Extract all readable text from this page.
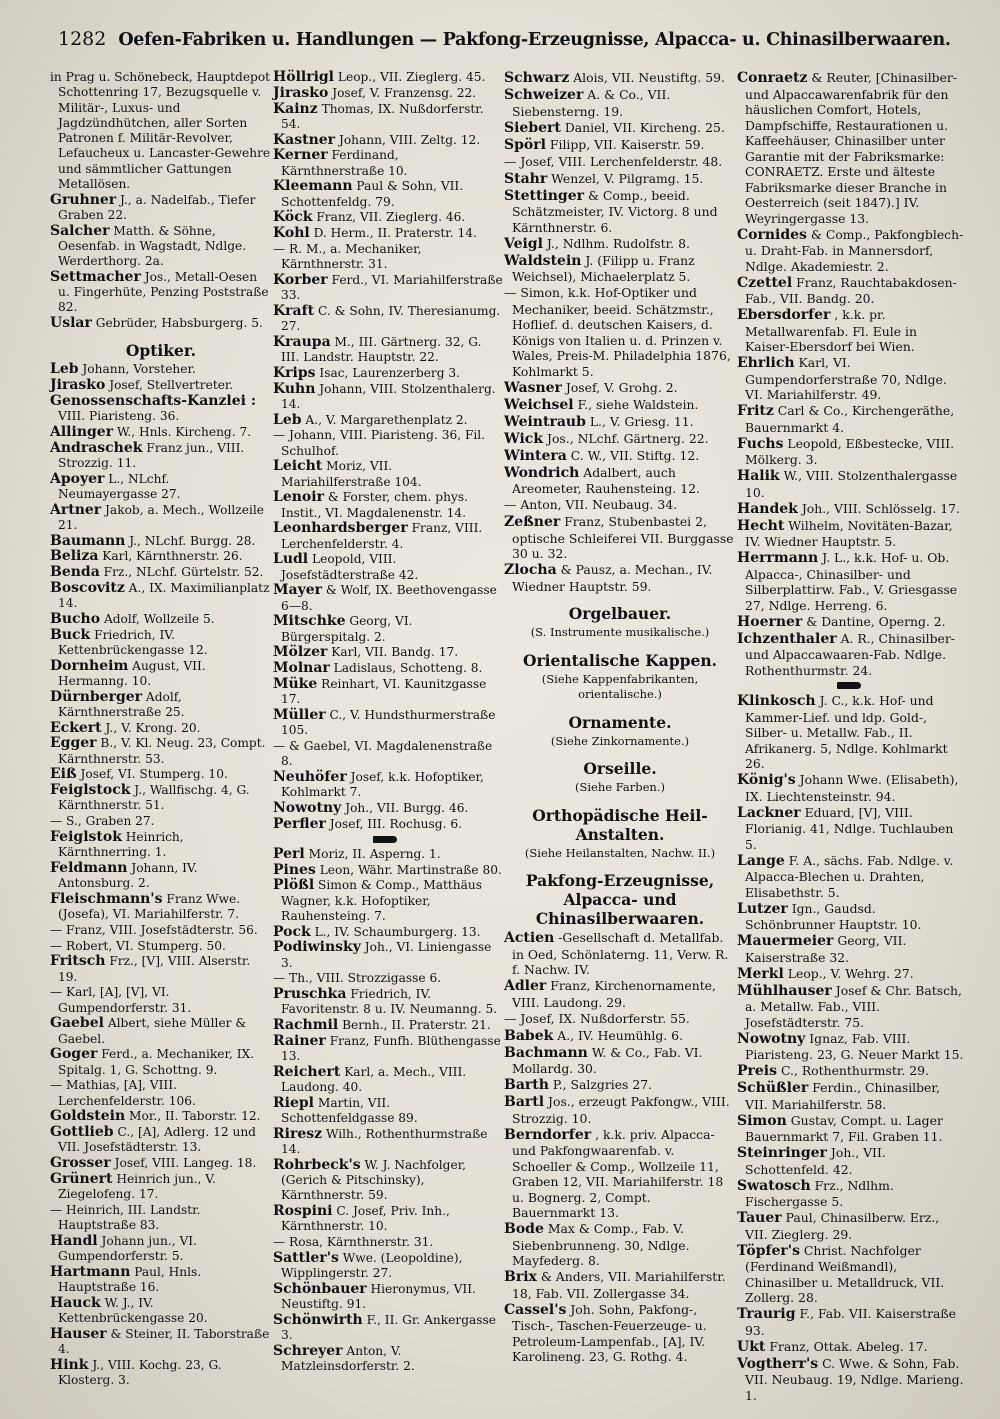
1282 Oefen-Fabriken u. Handlungen — Pakfong-Erzeugnisse, Alpacca- u. Chinasilberwaaren.
in Prag u. Schönebeck, Hauptdepot Schottenring 17, Bezugsquelle v. Militär-, Luxus- und Jagdzündhütchen, aller Sorten Patronen f. Militär-Revolver, Lefaucheux u. Lancaster-Gewehre und sämmtlicher Gattungen Metallösen.
Gruhner J., a. Nadelfab., Tiefer Graben 22.
Salcher Matth. & Söhne, Oesenfab. in Wagstadt, Ndlge. Werderthorg. 2a.
Settmacher Jos., Metall-Oesen u. Fingerhüte, Penzing Poststraße 82.
Uslar Gebrüder, Habsburgerg. 5.
Optiker.
Leb Johann, Vorsteher.
Jirasko Josef, Stellvertreter.
Genossenschafts-Kanzlei : VIII. Piaristeng. 36.
Allinger W., Hnls. Kircheng. 7.
Andraschek Franz jun., VIII. Strozzig. 11.
Apoyer L., NLchf. Neumayergasse 27.
Artner Jakob, a. Mech., Wollzeile 21.
Baumann J., NLchf. Burgg. 28.
Beliza Karl, Kärnthnerstr. 26.
Benda Frz., NLchf. Gürtelstr. 52.
Boscovitz A., IX. Maximilianplatz 14.
Bucho Adolf, Wollzeile 5.
Buck Friedrich, IV. Kettenbrückengasse 12.
Dornheim August, VII. Hermanng. 10.
Dürnberger Adolf, Kärnthnerstraße 25.
Eckert J., V. Krong. 20.
Egger B., V. Kl. Neug. 23, Compt. Kärnthnerstr. 53.
Eiß Josef, VI. Stumperg. 10.
Feiglstock J., Wallfischg. 4, G. Kärnthnerstr. 51.
— S., Graben 27.
Feiglstok Heinrich, Kärnthnerring. 1.
Feldmann Johann, IV. Antonsburg. 2.
Fleischmann's Franz Wwe. (Josefa), VI. Mariahilferstr. 7.
— Franz, VIII. Josefstädterstr. 56.
— Robert, VI. Stumperg. 50.
Fritsch Frz., [V], VIII. Alserstr. 19.
— Karl, [A], [V], VI. Gumpendorferstr. 31.
Gaebel Albert, siehe Müller & Gaebel.
Goger Ferd., a. Mechaniker, IX. Spitalg. 1, G. Schottng. 9.
— Mathias, [A], VIII. Lerchenfelderstr. 106.
Goldstein Mor., II. Taborstr. 12.
Gottlieb C., [A], Adlerg. 12 und VII. Josefstädterstr. 13.
Grosser Josef, VIII. Langeg. 18.
Grünert Heinrich jun., V. Ziegelofeng. 17.
— Heinrich, III. Landstr. Hauptstraße 83.
Handl Johann jun., VI. Gumpendorferstr. 5.
Hartmann Paul, Hnls. Hauptstraße 16.
Hauck W. J., IV. Kettenbrückengasse 20.
Hauser & Steiner, II. Taborstraße 4.
Hink J., VIII. Kochg. 23, G. Klosterg. 3.
Höllrigl Leop., VII. Zieglerg. 45.
Jirasko Josef, V. Franzensg. 22.
Kainz Thomas, IX. Nußdorferstr. 54.
Kastner Johann, VIII. Zeltg. 12.
Kerner Ferdinand, Kärnthnerstraße 10.
Kleemann Paul & Sohn, VII. Schottenfeldg. 79.
Köck Franz, VII. Zieglerg. 46.
Kohl D. Herm., II. Praterstr. 14.
— R. M., a. Mechaniker, Kärnthnerstr. 31.
Korber Ferd., VI. Mariahilferstraße 33.
Kraft C. & Sohn, IV. Theresianumg. 27.
Kraupa M., III. Gärtnerg. 32, G. III. Landstr. Hauptstr. 22.
Krips Isac, Laurenzerberg 3.
Kuhn Johann, VIII. Stolzenthalerg. 14.
Leb A., V. Margarethenplatz 2.
— Johann, VIII. Piaristeng. 36, Fil. Schulhof.
Leicht Moriz, VII. Mariahilferstraße 104.
Lenoir & Forster, chem. phys. Instit., VI. Magdalenenstr. 14.
Leonhardsberger Franz, VIII. Lerchenfelderstr. 4.
Ludl Leopold, VIII. Josefstädterstraße 42.
Mayer & Wolf, IX. Beethovengasse 6—8.
Mitschke Georg, VI. Bürgerspitalg. 2.
Mölzer Karl, VII. Bandg. 17.
Molnar Ladislaus, Schotteng. 8.
Müke Reinhart, VI. Kaunitzgasse 17.
Müller C., V. Hundsthurmerstraße 105.
— & Gaebel, VI. Magdalenenstraße 8.
Neuhöfer Josef, k.k. Hofoptiker, Kohlmarkt 7.
Nowotny Joh., VII. Burgg. 46.
Perfler Josef, III. Rochusg. 6.
Perl Moriz, II. Asperng. 1.
Pines Leon, Währ. Martinstraße 80.
Plößl Simon & Comp., Matthäus Wagner, k.k. Hofoptiker, Rauhensteing. 7.
Pock L., IV. Schaumburgerg. 13.
Podiwinsky Joh., VI. Liniengasse 3.
— Th., VIII. Strozzigasse 6.
Pruschka Friedrich, IV. Favoritenstr. 8 u. IV. Neumanng. 5.
Rachmil Bernh., II. Praterstr. 21.
Rainer Franz, Funfh. Blüthengasse 13.
Reichert Karl, a. Mech., VIII. Laudong. 40.
Riepl Martin, VII. Schottenfeldgasse 89.
Riresz Wilh., Rothenthurmstraße 14.
Rohrbeck's W. J. Nachfolger, (Gerich & Pitschinsky), Kärnthnerstr. 59.
Rospini C. Josef, Priv. Inh., Kärnthnerstr. 10.
— Rosa, Kärnthnerstr. 31.
Sattler's Wwe. (Leopoldine), Wipplingerstr. 27.
Schönbauer Hieronymus, VII. Neustiftg. 91.
Schönwirth F., II. Gr. Ankergasse 3.
Schreyer Anton, V. Matzleinsdorferstr. 2.
Schwarz Alois, VII. Neustiftg. 59.
Schweizer A. & Co., VII. Siebensterng. 19.
Siebert Daniel, VII. Kircheng. 25.
Spörl Filipp, VII. Kaiserstr. 59.
— Josef, VIII. Lerchenfelderstr. 48.
Stahr Wenzel, V. Pilgramg. 15.
Stettinger & Comp., beeid. Schätzmeister, IV. Victorg. 8 und Kärnthnerstr. 6.
Veigl J., Ndlhm. Rudolfstr. 8.
Waldstein J. (Filipp u. Franz Weichsel), Michaelerplatz 5.
— Simon, k.k. Hof-Optiker und Mechaniker, beeid. Schätzmstr., Hoflief. d. deutschen Kaisers, d. Königs von Italien u. d. Prinzen v. Wales, Preis-M. Philadelphia 1876, Kohlmarkt 5.
Wasner Josef, V. Grohg. 2.
Weichsel F., siehe Waldstein.
Weintraub L., V. Griesg. 11.
Wick Jos., NLchf. Gärtnerg. 22.
Wintera C. W., VII. Stiftg. 12.
Wondrich Adalbert, auch Areometer, Rauhensteing. 12.
— Anton, VII. Neubaug. 34.
Zeßner Franz, Stubenbastei 2, optische Schleiferei VII. Burggasse 30 u. 32.
Zlocha & Pausz, a. Mechan., IV. Wiedner Hauptstr. 59.
Orgelbauer.
(S. Instrumente musikalische.)
Orientalische Kappen.
(Siehe Kappenfabrikanten, orientalische.)
Ornamente.
(Siehe Zinkornamente.)
Orseille.
(Siehe Farben.)
Orthopädische Heil-Anstalten.
(Siehe Heilanstalten, Nachw. II.)
Pakfong-Erzeugnisse, Alpacca- und Chinasilberwaaren.
Actien -Gesellschaft d. Metallfab. in Oed, Schönlaterng. 11, Verw. R. f. Nachw. IV.
Adler Franz, Kirchenornamente, VIII. Laudong. 29.
— Josef, IX. Nußdorferstr. 55.
Babek A., IV. Heumühlg. 6.
Bachmann W. & Co., Fab. VI. Mollardg. 30.
Barth P., Salzgries 27.
Bartl Jos., erzeugt Pakfongw., VIII. Strozzig. 10.
Berndorfer , k.k. priv. Alpacca- und Pakfongwaarenfab. v. Schoeller & Comp., Wollzeile 11, Graben 12, VII. Mariahilferstr. 18 u. Bognerg. 2, Compt. Bauernmarkt 13.
Bode Max & Comp., Fab. V. Siebenbrunneng. 30, Ndlge. Mayfederg. 8.
Brix & Anders, VII. Mariahilferstr. 18, Fab. VII. Zollergasse 34.
Cassel's Joh. Sohn, Pakfong-, Tisch-, Taschen-Feuerzeuge- u. Petroleum-Lampenfab., [A], IV. Karolineng. 23, G. Rothg. 4.
Conraetz & Reuter, [Chinasilber- und Alpaccawarenfabrik für den häuslichen Comfort, Hotels, Dampfschiffe, Restaurationen u. Kaffeehäuser, Chinasilber unter Garantie mit der Fabriksmarke: CONRAETZ. Erste und älteste Fabriksmarke dieser Branche in Oesterreich (seit 1847).] IV. Weyringergasse 13.
Cornides & Comp., Pakfongblech- u. Draht-Fab. in Mannersdorf, Ndlge. Akademiestr. 2.
Czettel Franz, Rauchtabakdosen-Fab., VII. Bandg. 20.
Ebersdorfer , k.k. pr. Metallwarenfab. Fl. Eule in Kaiser-Ebersdorf bei Wien.
Ehrlich Karl, VI. Gumpendorferstraße 70, Ndlge. VI. Mariahilferstr. 49.
Fritz Carl & Co., Kirchengeräthe, Bauernmarkt 4.
Fuchs Leopold, Eßbestecke, VIII. Mölkerg. 3.
Halik W., VIII. Stolzenthalergasse 10.
Handek Joh., VIII. Schlösselg. 17.
Hecht Wilhelm, Novitäten-Bazar, IV. Wiedner Hauptstr. 5.
Herrmann J. L., k.k. Hof- u. Ob. Alpacca-, Chinasilber- und Silberplattirw. Fab., V. Griesgasse 27, Ndlge. Herreng. 6.
Hoerner & Dantine, Operng. 2.
Ichzenthaler A. R., Chinasilber- und Alpaccawaaren-Fab. Ndlge. Rothenthurmstr. 24.
Klinkosch J. C., k.k. Hof- und Kammer-Lief. und ldp. Gold-, Silber- u. Metallw. Fab., II. Afrikanerg. 5, Ndlge. Kohlmarkt 26.
König's Johann Wwe. (Elisabeth), IX. Liechtensteinstr. 94.
Lackner Eduard, [V], VIII. Florianig. 41, Ndlge. Tuchlauben 5.
Lange F. A., sächs. Fab. Ndlge. v. Alpacca-Blechen u. Drahten, Elisabethstr. 5.
Lutzer Ign., Gaudsd. Schönbrunner Hauptstr. 10.
Mauermeier Georg, VII. Kaiserstraße 32.
Merkl Leop., V. Wehrg. 27.
Mühlhauser Josef & Chr. Batsch, a. Metallw. Fab., VIII. Josefstädterstr. 75.
Nowotny Ignaz, Fab. VIII. Piaristeng. 23, G. Neuer Markt 15.
Preis C., Rothenthurmstr. 29.
Schüßler Ferdin., Chinasilber, VII. Mariahilferstr. 58.
Simon Gustav, Compt. u. Lager Bauernmarkt 7, Fil. Graben 11.
Steinringer Joh., VII. Schottenfeld. 42.
Swatosch Frz., Ndlhm. Fischergasse 5.
Tauer Paul, Chinasilberw. Erz., VII. Zieglerg. 29.
Töpfer's Christ. Nachfolger (Ferdinand Weißmandl), Chinasilber u. Metalldruck, VII. Zollerg. 28.
Traurig F., Fab. VII. Kaiserstraße 93.
Ukt Franz, Ottak. Abeleg. 17.
Vogtherr's C. Wwe. & Sohn, Fab. VII. Neubaug. 19, Ndlge. Marieng. 1.
